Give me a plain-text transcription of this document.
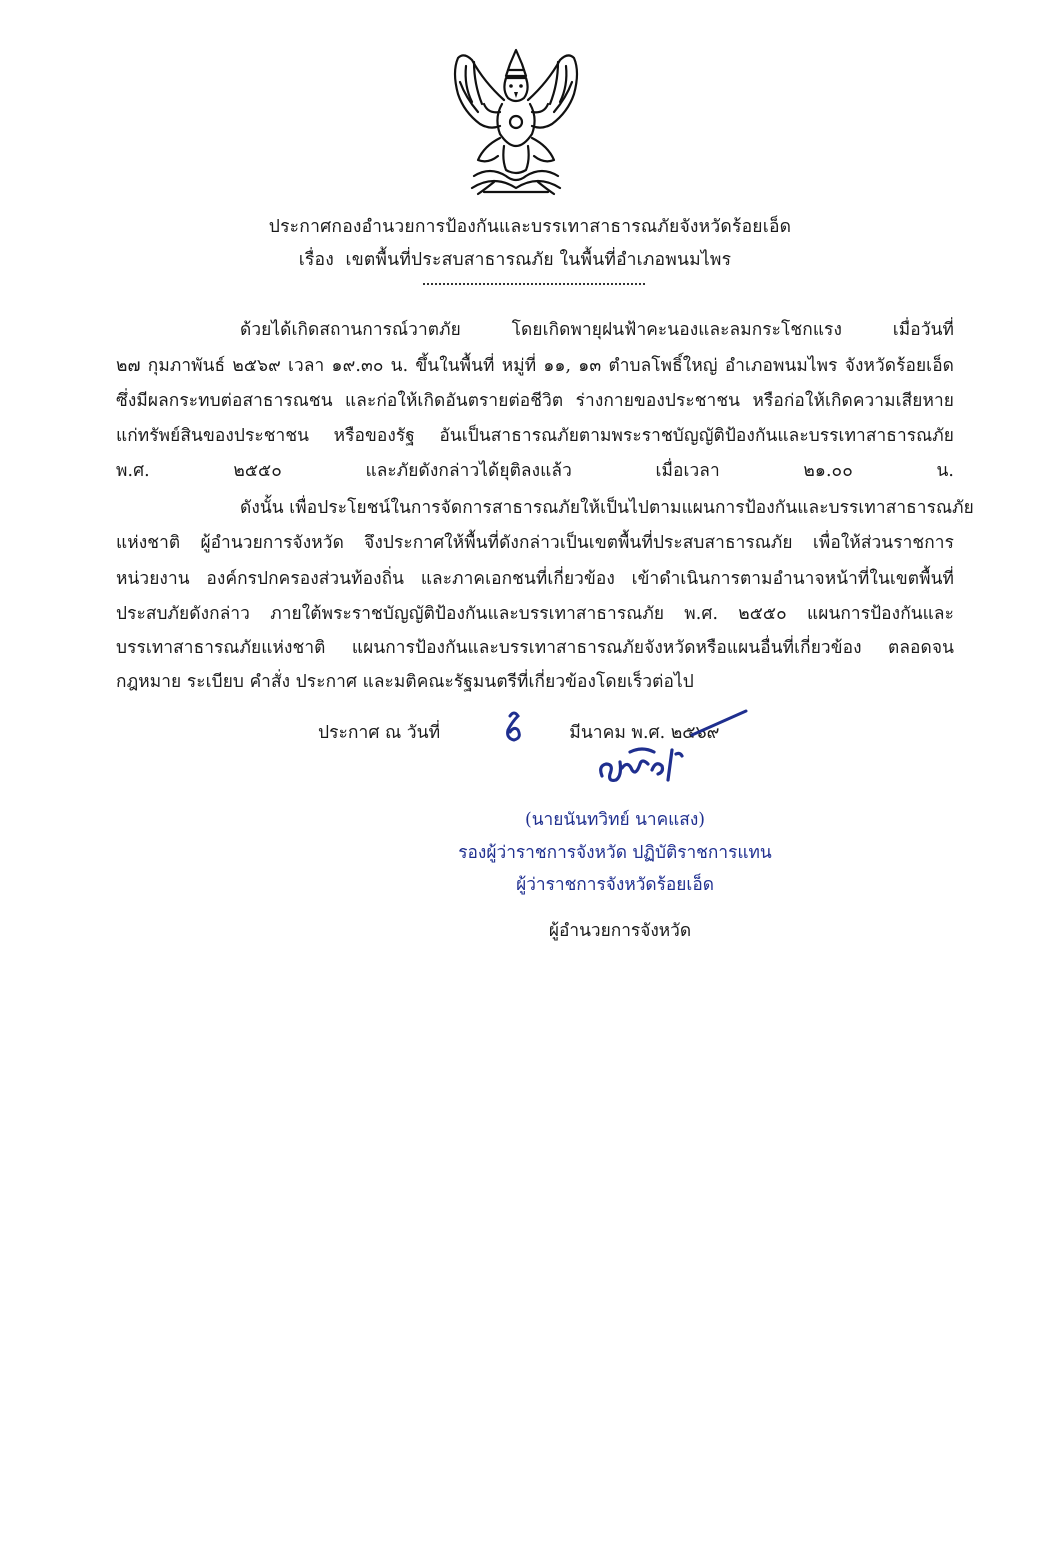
ประกาศกองอำนวยการป้องกันและบรรเทาสาธารณภัยจังหวัดร้อยเอ็ด
เรื่อง เขตพื้นที่ประสบสาธารณภัย ในพื้นที่อำเภอพนมไพร
ด้วยได้เกิดสถานการณ์วาตภัย โดยเกิดพายุฝนฟ้าคะนองและลมกระโชกแรง เมื่อวันที่
๒๗ กุมภาพันธ์ ๒๕๖๙ เวลา ๑๙.๓๐ น. ขึ้นในพื้นที่ หมู่ที่ ๑๑, ๑๓ ตำบลโพธิ์ใหญ่ อำเภอพนมไพร จังหวัดร้อยเอ็ด
ซึ่งมีผลกระทบต่อสาธารณชน และก่อให้เกิดอันตรายต่อชีวิต ร่างกายของประชาชน หรือก่อให้เกิดความเสียหาย
แก่ทรัพย์สินของประชาชน หรือของรัฐ อันเป็นสาธารณภัยตามพระราชบัญญัติป้องกันและบรรเทาสาธารณภัย
พ.ศ. ๒๕๕๐ และภัยดังกล่าวได้ยุติลงแล้ว เมื่อเวลา ๒๑.๐๐ น.
ดังนั้น เพื่อประโยชน์ในการจัดการสาธารณภัยให้เป็นไปตามแผนการป้องกันและบรรเทาสาธารณภัย
แห่งชาติ ผู้อำนวยการจังหวัด จึงประกาศให้พื้นที่ดังกล่าวเป็นเขตพื้นที่ประสบสาธารณภัย เพื่อให้ส่วนราชการ
หน่วยงาน องค์กรปกครองส่วนท้องถิ่น และภาคเอกชนที่เกี่ยวข้อง เข้าดำเนินการตามอำนาจหน้าที่ในเขตพื้นที่
ประสบภัยดังกล่าว ภายใต้พระราชบัญญัติป้องกันและบรรเทาสาธารณภัย พ.ศ. ๒๕๕๐ แผนการป้องกันและ
บรรเทาสาธารณภัยแห่งชาติ แผนการป้องกันและบรรเทาสาธารณภัยจังหวัดหรือแผนอื่นที่เกี่ยวข้อง ตลอดจน
กฎหมาย ระเบียบ คำสั่ง ประกาศ และมติคณะรัฐมนตรีที่เกี่ยวข้องโดยเร็วต่อไป
ประกาศ ณ วันที่	มีนาคม พ.ศ. ๒๕๖๙
(นายนันทวิทย์ นาคแสง)
รองผู้ว่าราชการจังหวัด ปฏิบัติราชการแทน
ผู้ว่าราชการจังหวัดร้อยเอ็ด
ผู้อำนวยการจังหวัด
